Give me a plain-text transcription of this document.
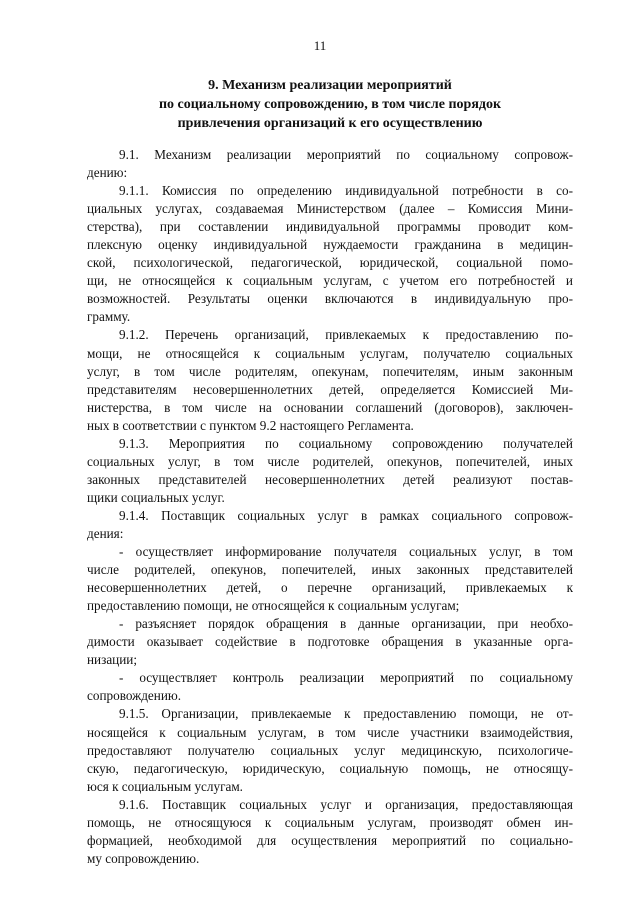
11
9. Механизм реализации мероприятий
по социальному сопровождению, в том числе порядок
привлечения организаций к его осуществлению
9.1. Механизм реализации мероприятий по социальному сопровож-
дению:
9.1.1. Комиссия по определению индивидуальной потребности в со-
циальных услугах, создаваемая Министерством (далее – Комиссия Мини-
стерства), при составлении индивидуальной программы проводит ком-
плексную оценку индивидуальной нуждаемости гражданина в медицин-
ской, психологической, педагогической, юридической, социальной помо-
щи, не относящейся к социальным услугам, с учетом его потребностей и
возможностей. Результаты оценки включаются в индивидуальную про-
грамму.
9.1.2. Перечень организаций, привлекаемых к предоставлению по-
мощи, не относящейся к социальным услугам, получателю социальных
услуг, в том числе родителям, опекунам, попечителям, иным законным
представителям несовершеннолетних детей, определяется Комиссией Ми-
нистерства, в том числе на основании соглашений (договоров), заключен-
ных в соответствии с пунктом 9.2 настоящего Регламента.
9.1.3. Мероприятия по социальному сопровождению получателей
социальных услуг, в том числе родителей, опекунов, попечителей, иных
законных представителей несовершеннолетних детей реализуют постав-
щики социальных услуг.
9.1.4. Поставщик социальных услуг в рамках социального сопровож-
дения:
- осуществляет информирование получателя социальных услуг, в том
числе родителей, опекунов, попечителей, иных законных представителей
несовершеннолетних детей, о перечне организаций, привлекаемых к
предоставлению помощи, не относящейся к социальным услугам;
- разъясняет порядок обращения в данные организации, при необхо-
димости оказывает содействие в подготовке обращения в указанные орга-
низации;
- осуществляет контроль реализации мероприятий по социальному
сопровождению.
9.1.5. Организации, привлекаемые к предоставлению помощи, не от-
носящейся к социальным услугам, в том числе участники взаимодействия,
предоставляют получателю социальных услуг медицинскую, психологиче-
скую, педагогическую, юридическую, социальную помощь, не относящу-
юся к социальным услугам.
9.1.6. Поставщик социальных услуг и организация, предоставляющая
помощь, не относящуюся к социальным услугам, производят обмен ин-
формацией, необходимой для осуществления мероприятий по социально-
му сопровождению.
